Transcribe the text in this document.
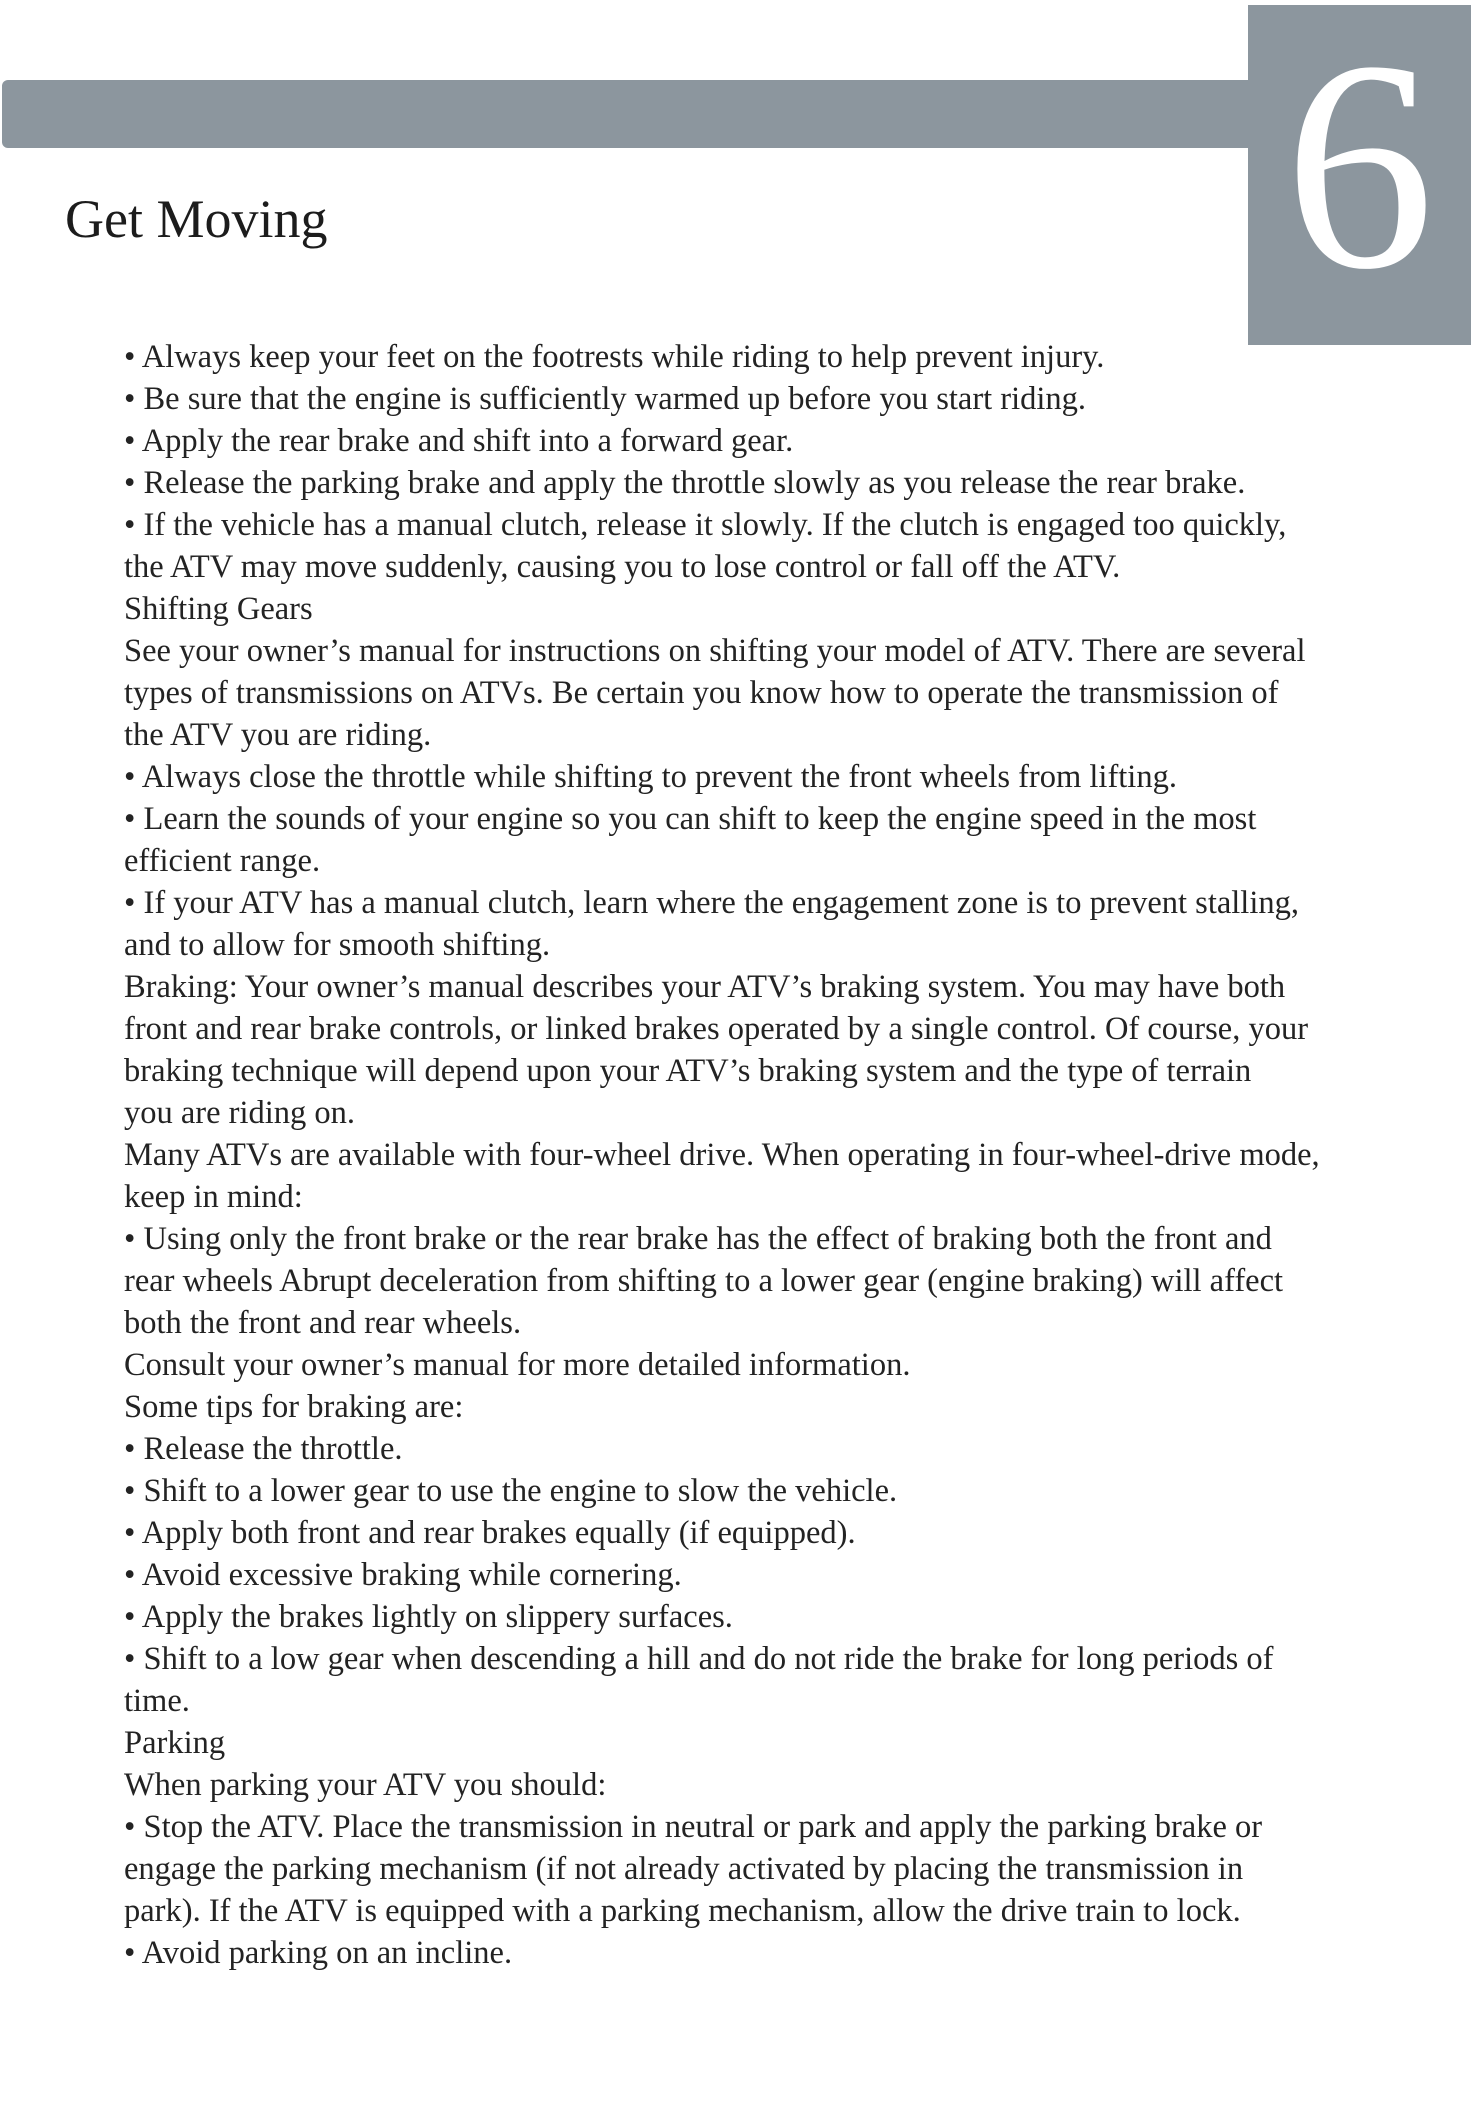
6
Get Moving
• Always keep your feet on the footrests while riding to help prevent injury.
• Be sure that the engine is sufficiently warmed up before you start riding.
• Apply the rear brake and shift into a forward gear.
• Release the parking brake and apply the throttle slowly as you release the rear brake.
• If the vehicle has a manual clutch, release it slowly. If the clutch is engaged too quickly,
the ATV may move suddenly, causing you to lose control or fall off the ATV.
Shifting Gears
See your owner’s manual for instructions on shifting your model of ATV. There are several
types of transmissions on ATVs. Be certain you know how to operate the transmission of
the ATV you are riding.
• Always close the throttle while shifting to prevent the front wheels from lifting.
• Learn the sounds of your engine so you can shift to keep the engine speed in the most
efficient range.
• If your ATV has a manual clutch, learn where the engagement zone is to prevent stalling,
and to allow for smooth shifting.
Braking: Your owner’s manual describes your ATV’s braking system. You may have both
front and rear brake controls, or linked brakes operated by a single control. Of course, your
braking technique will depend upon your ATV’s braking system and the type of terrain
you are riding on.
Many ATVs are available with four-wheel drive. When operating in four-wheel-drive mode,
keep in mind:
• Using only the front brake or the rear brake has the effect of braking both the front and
rear wheels Abrupt deceleration from shifting to a lower gear (engine braking) will affect
both the front and rear wheels.
Consult your owner’s manual for more detailed information.
Some tips for braking are:
• Release the throttle.
• Shift to a lower gear to use the engine to slow the vehicle.
• Apply both front and rear brakes equally (if equipped).
• Avoid excessive braking while cornering.
• Apply the brakes lightly on slippery surfaces.
• Shift to a low gear when descending a hill and do not ride the brake for long periods of
time.
Parking
When parking your ATV you should:
• Stop the ATV. Place the transmission in neutral or park and apply the parking brake or
engage the parking mechanism (if not already activated by placing the transmission in
park). If the ATV is equipped with a parking mechanism, allow the drive train to lock.
• Avoid parking on an incline.
